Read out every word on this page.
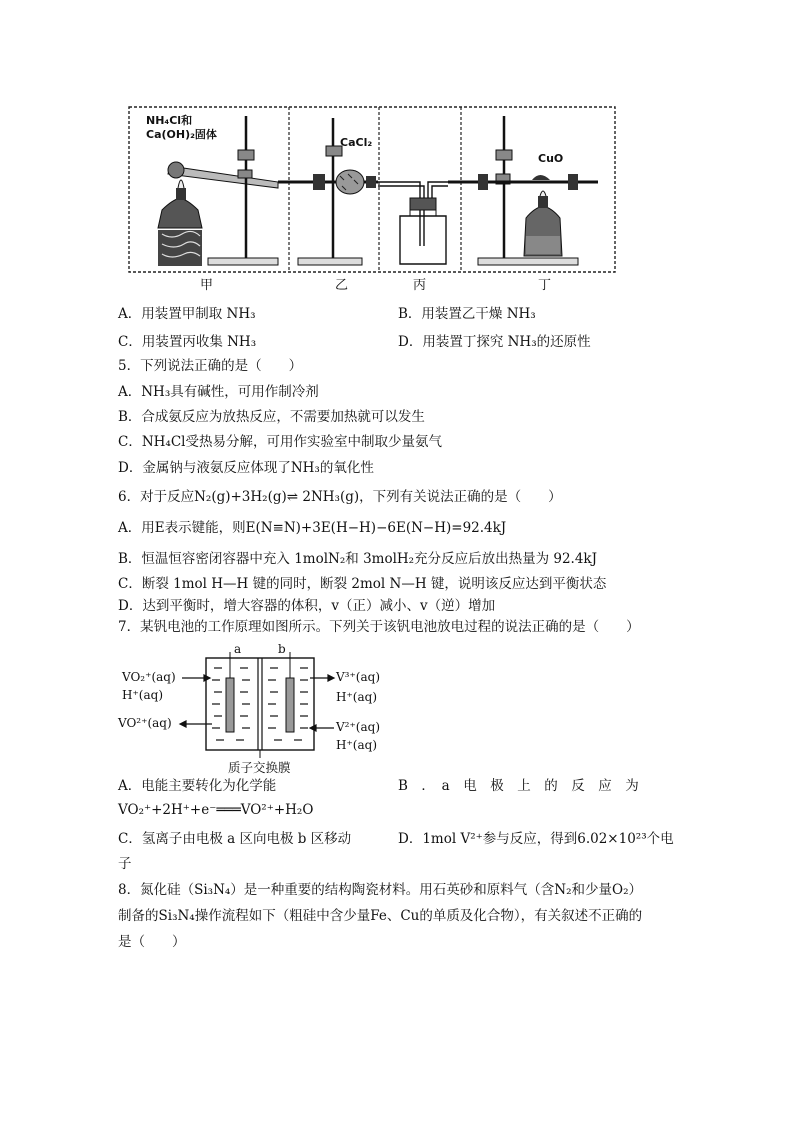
NH₄Cl和
Ca(OH)₂固体
CaCl₂
CuO
甲	乙	丙	丁
A．用装置甲制取 NH₃	B．用装置乙干燥 NH₃
C．用装置丙收集 NH₃	D．用装置丁探究 NH₃的还原性
5．下列说法正确的是（　　）
A．NH₃具有碱性，可用作制冷剂
B．合成氨反应为放热反应，不需要加热就可以发生
C．NH₄Cl受热易分解，可用作实验室中制取少量氨气
D．金属钠与液氨反应体现了NH₃的氧化性
6．对于反应N₂(g)+3H₂(g)⇌ 2NH₃(g)，下列有关说法正确的是（　　）
A．用E表示键能，则E(N≡N)+3E(H−H)−6E(N−H)=92.4kJ
B．恒温恒容密闭容器中充入 1molN₂和 3molH₂充分反应后放出热量为 92.4kJ
C．断裂 1mol H—H 键的同时，断裂 2mol N—H 键，说明该反应达到平衡状态
D．达到平衡时，增大容器的体积，v（正）减小、v（逆）增加
7．某钒电池的工作原理如图所示。下列关于该钒电池放电过程的说法正确的是（　　）
a	b
VO₂⁺(aq)
H⁺(aq)
VO²⁺(aq)
V³⁺(aq)
H⁺(aq)
V²⁺(aq)
H⁺(aq)
质子交换膜
A．电能主要转化为化学能	B　．　a　电　极　上　的　反　应　为
VO₂⁺+2H⁺+e⁻═══VO²⁺+H₂O
C．氢离子由电极 a 区向电极 b 区移动	D．1mol V²⁺参与反应，得到6.02×10²³个电
子
8．氮化硅（Si₃N₄）是一种重要的结构陶瓷材料。用石英砂和原料气（含N₂和少量O₂）
制备的Si₃N₄操作流程如下（粗硅中含少量Fe、Cu的单质及化合物），有关叙述不正确的
是（　　）
